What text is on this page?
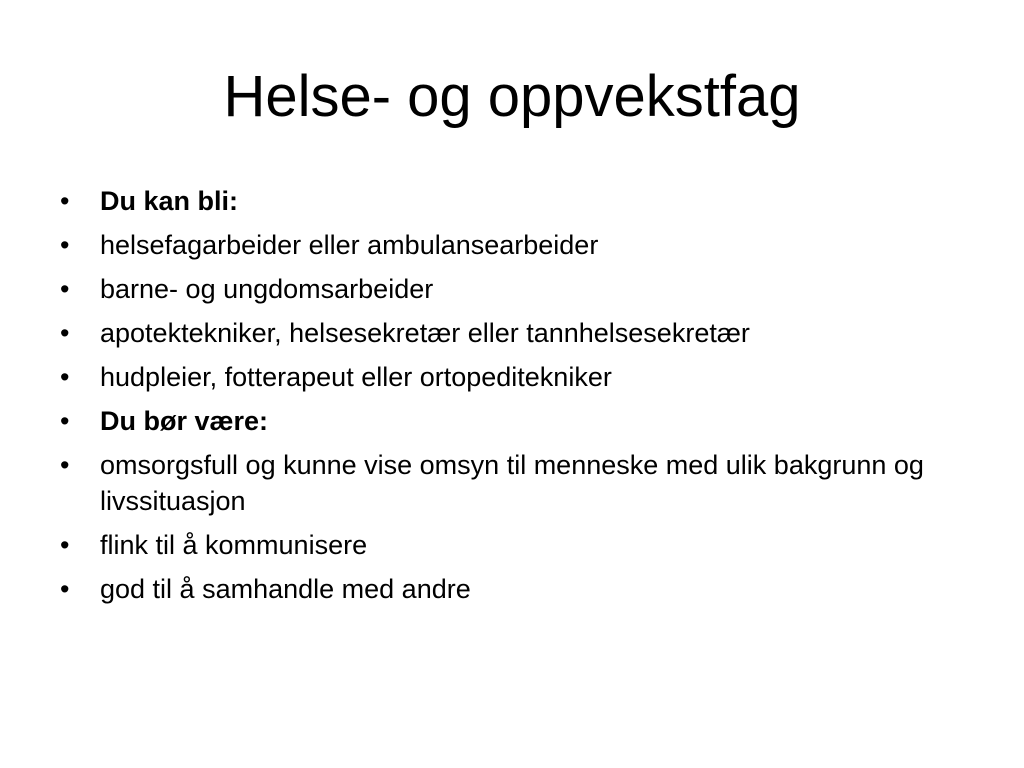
Helse- og oppvekstfag
•	Du kan bli:
•	helsefagarbeider eller ambulansearbeider
•	barne- og ungdomsarbeider
•	apotektekniker, helsesekretær eller tannhelsesekretær
•	hudpleier, fotterapeut eller ortopeditekniker
•	Du bør være:
•	omsorgsfull og kunne vise omsyn til menneske med ulik bakgrunn og livssituasjon
•	flink til å kommunisere
•	god til å samhandle med andre
